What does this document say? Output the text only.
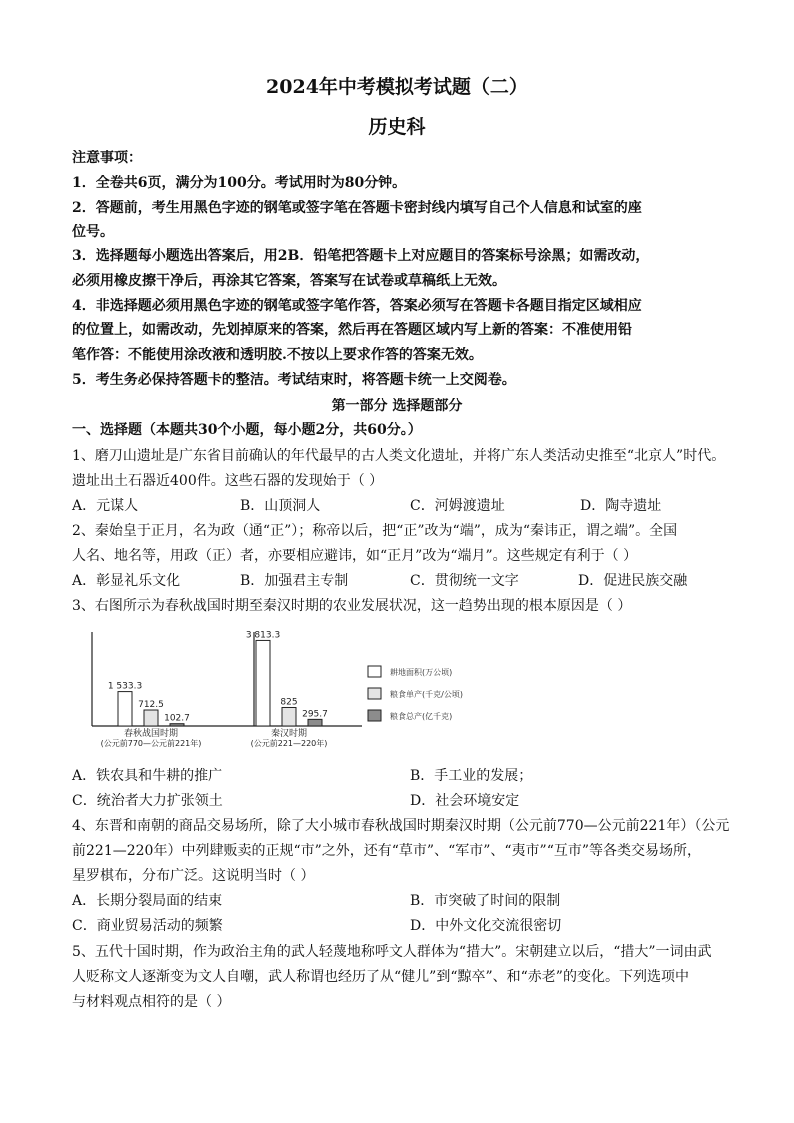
2024年中考模拟考试题（二）
历史科
注意事项：
1．全卷共6页，满分为100分。考试用时为80分钟。
2．答题前，考生用黑色字迹的钢笔或签字笔在答题卡密封线内填写自己个人信息和试室的座
位号。
3．选择题每小题选出答案后，用2B．铅笔把答题卡上对应题目的答案标号涂黑；如需改动，
必须用橡皮擦干净后，再涂其它答案，答案写在试卷或草稿纸上无效。
4．非选择题必须用黑色字迹的钢笔或签字笔作答，答案必须写在答题卡各题目指定区域相应
的位置上，如需改动，先划掉原来的答案，然后再在答题区域内写上新的答案：不准使用铅
笔作答：不能使用涂改液和透明胶.不按以上要求作答的答案无效。
5．考生务必保持答题卡的整洁。考试结束时，将答题卡统一上交阅卷。
第一部分 选择题部分
一、选择题（本题共30个小题，每小题2分，共60分。）
1、磨刀山遗址是广东省目前确认的年代最早的古人类文化遗址，并将广东人类活动史推至“北京人”时代。
遗址出土石器近400件。这些石器的发现始于（ ）
A．元谋人	B．山顶洞人	C．河姆渡遗址	D．陶寺遗址
2、秦始皇于正月，名为政（通“正”）；称帝以后，把“正”改为“端”，成为“秦讳正，谓之端”。全国
人名、地名等，用政（正）者，亦要相应避讳，如“正月”改为“端月”。这些规定有利于（ ）
A．彰显礼乐文化	B．加强君主专制	C．贯彻统一文字	D．促进民族交融
3、右图所示为春秋战国时期至秦汉时期的农业发展状况，这一趋势出现的根本原因是（ ）
1 533.3
712.5
102.7
春秋战国时期
(公元前770—公元前221年)
3 813.3
825
295.7
秦汉时期
(公元前221—220年)
耕地面积(万公顷)
粮食单产(千克/公顷)
粮食总产(亿千克)
A．铁农具和牛耕的推广	B．手工业的发展；
C．统治者大力扩张领土	D．社会环境安定
4、东晋和南朝的商品交易场所，除了大小城市春秋战国时期秦汉时期（公元前770—公元前221年）（公元
前221—220年）中列肆贩卖的正规“市”之外，还有“草市”、“军市”、“夷市”“互市”等各类交易场所，
星罗棋布，分布广泛。这说明当时（ ）
A．长期分裂局面的结束	B．市突破了时间的限制
C．商业贸易活动的频繁	D．中外文化交流很密切
5、五代十国时期，作为政治主角的武人轻蔑地称呼文人群体为“措大”。宋朝建立以后，“措大”一词由武
人贬称文人逐渐变为文人自嘲，武人称谓也经历了从“健儿”到“黥卒”、和“赤老”的变化。下列选项中
与材料观点相符的是（ ）
